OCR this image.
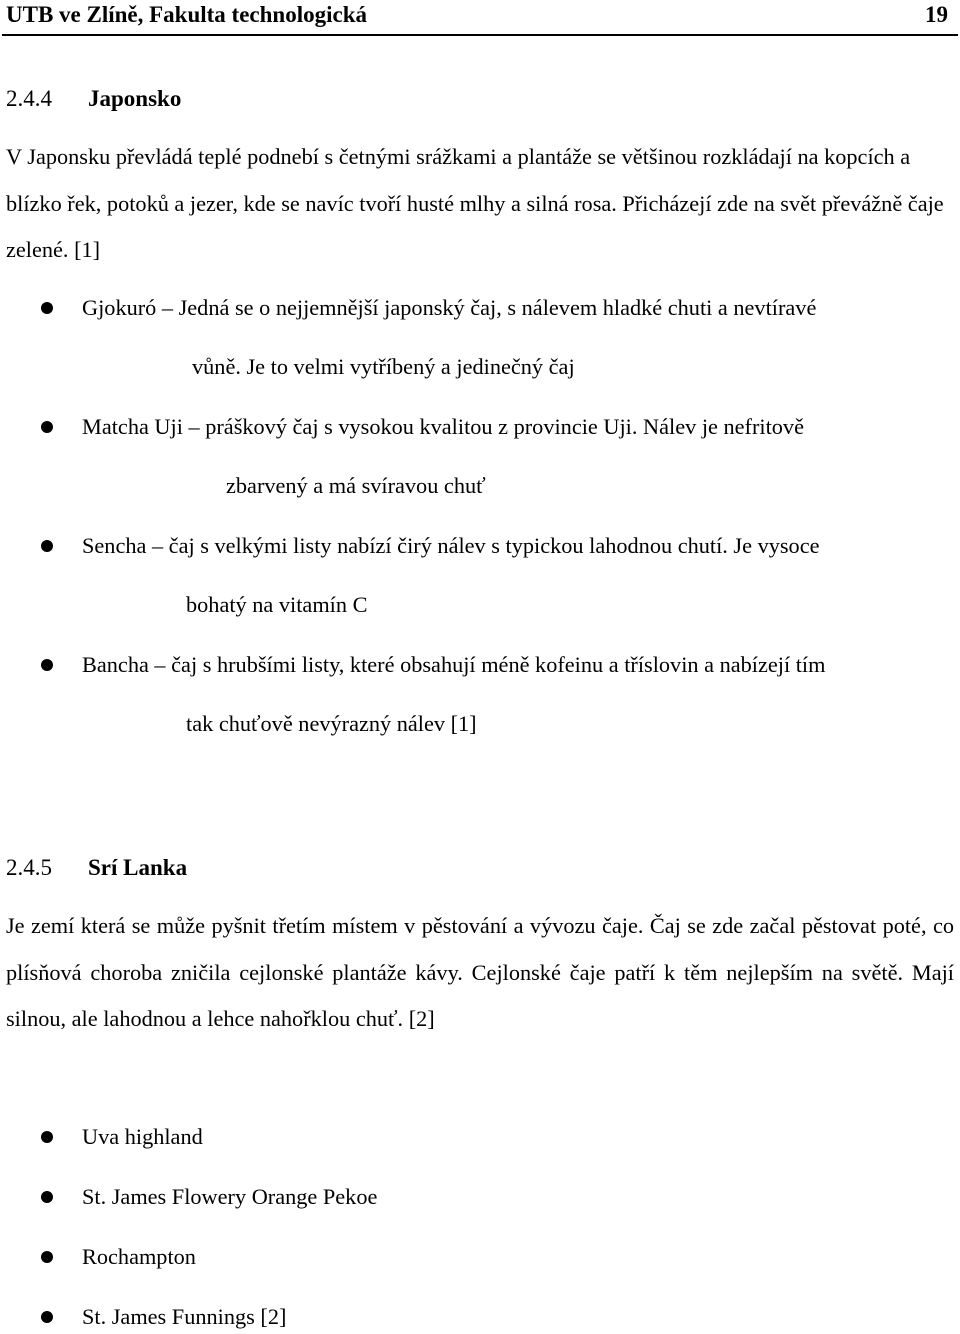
UTB ve Zlíně, Fakulta technologická	19
2.4.4 Japonsko
V Japonsku převládá teplé podnebí s četnými srážkami a plantáže se většinou rozkládají na kopcích a blízko řek, potoků a jezer, kde se navíc tvoří husté mlhy a silná rosa. Přicházejí zde na svět převážně čaje zelené. [1]
Gjokuró – Jedná se o nejjemnější japonský čaj, s nálevem hladké chuti a nevtíravé
vůně. Je to velmi vytříbený a jedinečný čaj
Matcha Uji – práškový čaj s vysokou kvalitou z provincie Uji. Nálev je nefritově
zbarvený a má svíravou chuť
Sencha – čaj s velkými listy nabízí čirý nálev s typickou lahodnou chutí. Je vysoce
bohatý na vitamín C
Bancha – čaj s hrubšími listy, které obsahují méně kofeinu a tříslovin a nabízejí tím
tak chuťově nevýrazný nálev [1]
2.4.5 Srí Lanka
Je zemí která se může pyšnit třetím místem v pěstování a vývozu čaje. Čaj se zde začal pěstovat poté, co plísňová choroba zničila cejlonské plantáže kávy. Cejlonské čaje patří k těm nejlepším na světě. Mají silnou, ale lahodnou a lehce nahořklou chuť. [2]
Uva highland
St. James Flowery Orange Pekoe
Rochampton
St. James Funnings [2]
